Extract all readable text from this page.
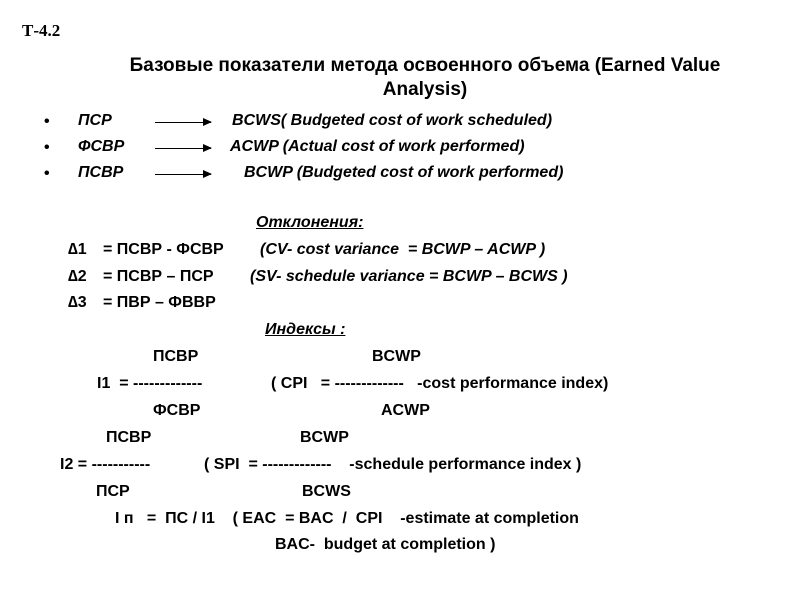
Т-4.2
Базовые показатели метода освоенного объема (Earned Value Analysis)
• ПСР	BCWS( Budgeted cost of work scheduled)
• ФСВР	ACWP (Actual cost of work performed)
• ПСВР	BCWP (Budgeted cost of work performed)
Отклонения:
∆1 = ПСВР - ФСВР (CV- cost variance  = BCWP – ACWP )
∆2 = ПСВР – ПСР (SV- schedule variance = BCWP – BCWS )
∆3 = ПВР – ФВВР
Индексы :
ПСВР	BCWP
I1  = -------------	( CPI   = -------------   -cost performance index)
ФСВР	ACWP
ПСВР	BCWP
I2 = -----------	( SPI  = -------------    -schedule performance index )
ПСР	BCWS
I п   =  ПС / I1    ( EAC  = BAC  /  CPI    -estimate at completion
BAC-  budget at completion )
